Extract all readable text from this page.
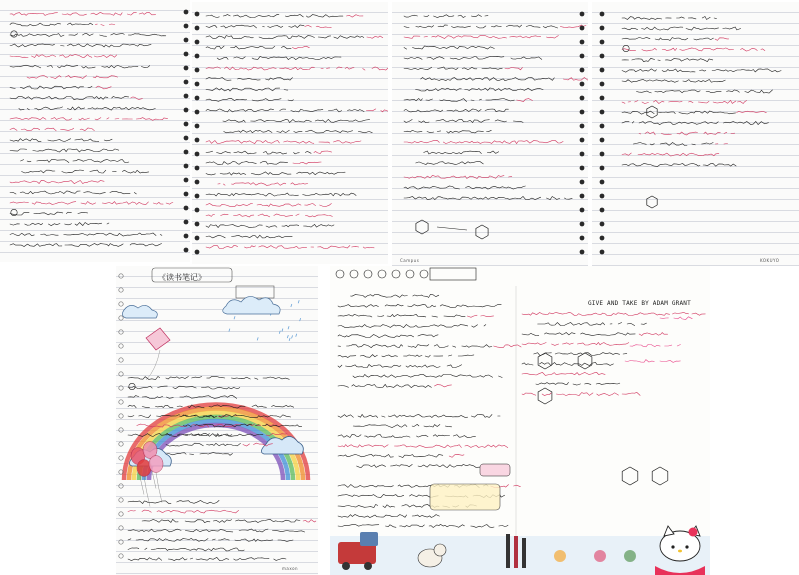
Campus	KOKUYO
《读书笔记》
maxon
GIVE AND TAKE BY ADAM GRANT
